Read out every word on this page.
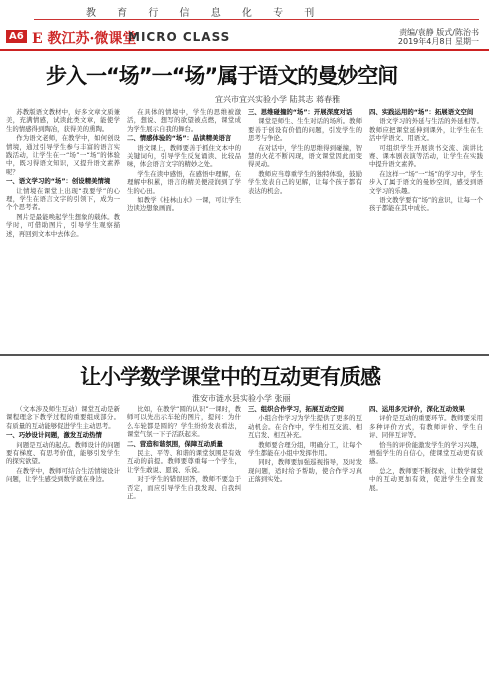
教 育 行 信 息 化 专 刊
A6 E 教江苏·微课堂
MICRO CLASS	责编/袁静 版式/陈治书
2019年4月8日 星期一
步入一“场”一“场”属于语文的曼妙空间
宜兴市宜兴实验小学 陆其志 蒋春雅

苏教版语文教材中，好多文章文质兼美，充满情感，试读此类文章，能使学生的情感得到陶冶，获得美的熏陶。

作为语文老师，在教学中，如何创设情境，通过引导学生参与丰富的语言实践活动，让学生在一“场”一“场”的体验中，既习得语文知识，又提升语文素养呢？

一、语文学习的“场”：创设精美情境

让情境在课堂上出现“我要学”的心理，学生在语言文字的引领下，成为一个个思考者。

图片是最能唤起学生想象的载体。教学时，可借助图片，引导学生观察描述，再回到文本中去体会。

在具体的情境中，学生的思维被激活，想说、想写的欲望被点燃，课堂成为学生展示自我的舞台。

二、情感体验的“场”：品读精美语言

语文课上，教师要善于抓住文本中的关键词句，引导学生反复诵读、比较品味，体会语言文字的精妙之处。

学生在读中感悟，在感悟中理解，在理解中积累，语言的精美便浸润到了学生的心田。

如教学《桂林山水》一课，可让学生边读边想象画面。

三、思维碰撞的“场”：开展深度对话

课堂是师生、生生对话的场所。教师要善于创设有价值的问题，引发学生的思考与争论。

在对话中，学生的思维得到碰撞，智慧的火花不断闪现，语文课堂因此而变得灵动。

教师应当尊重学生的独特体验，鼓励学生发表自己的见解，让每个孩子都有表达的机会。

四、实践运用的“场”：拓展语文空间

语文学习的外延与生活的外延相等。教师应把课堂延伸到课外，让学生在生活中学语文、用语文。

可组织学生开展读书交流、演讲比赛、课本剧表演等活动，让学生在实践中提升语文素养。

在这样一“场”一“场”的学习中，学生步入了属于语文的曼妙空间，感受到语文学习的乐趣。

语文教学要有“场”的意识，让每一个孩子都能在其中成长。

让小学数学课堂中的互动更有质感
淮安市涟水县实验小学 张丽

（文本涉及师生互动）课堂互动是新课程理念下教学过程的重要组成部分。有质量的互动能够促进学生主动思考。

一、巧妙设计问题，激发互动热情

问题是互动的起点。教师设计的问题要有梯度、有思考价值，能够引发学生的探究欲望。

在教学中，教师可结合生活情境设计问题，让学生感受到数学就在身边。

比如，在教学“圆的认识”一课时，教师可以先出示车轮的图片，提问：为什么车轮都是圆的？学生纷纷发表看法，课堂气氛一下子活跃起来。

二、营造和谐氛围，保障互动质量

民主、平等、和谐的课堂氛围是有效互动的前提。教师要尊重每一个学生，让学生敢说、愿说、乐说。

对于学生的错误回答，教师不要急于否定，而应引导学生自我发现、自我纠正。

三、组织合作学习，拓展互动空间

小组合作学习为学生提供了更多的互动机会。在合作中，学生相互交流、相互启发、相互补充。

教师要合理分组，明确分工，让每个学生都能在小组中发挥作用。

同时，教师要加强巡视指导，及时发现问题，适时给予帮助，使合作学习真正落到实处。

四、运用多元评价，深化互动效果

评价是互动的重要环节。教师要采用多种评价方式，有教师评价、学生自评、同伴互评等。

恰当的评价能激发学生的学习兴趣，增强学生的自信心，使课堂互动更有质感。

总之，教师要不断探索，让数学课堂中的互动更加有效，促进学生全面发展。
